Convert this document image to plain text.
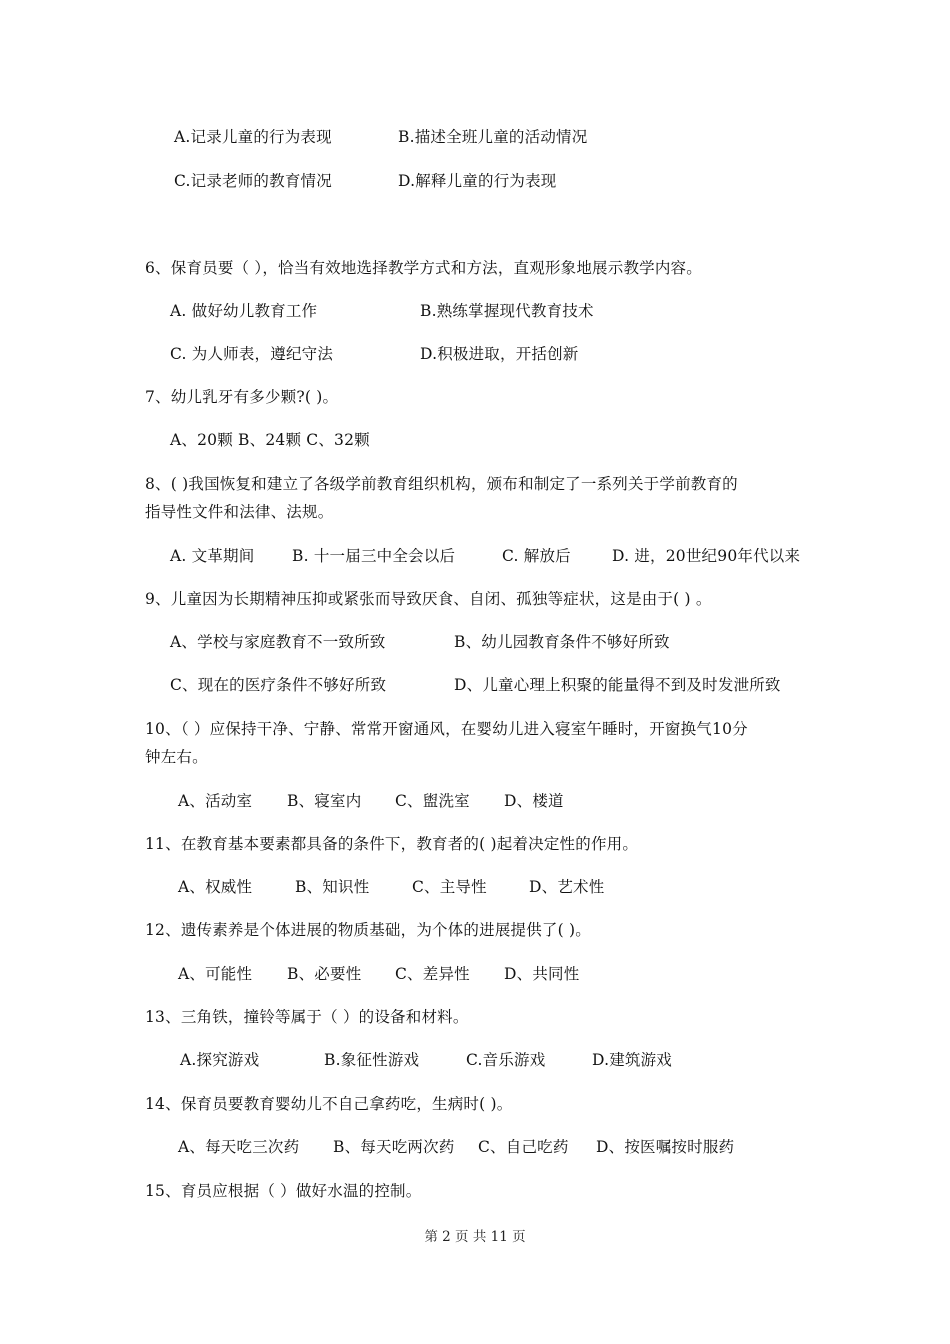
A.记录儿童的行为表现	B.描述全班儿童的活动情况
C.记录老师的教育情况	D.解释儿童的行为表现
6、保育员要（ ），恰当有效地选择教学方式和方法，直观形象地展示教学内容。
A. 做好幼儿教育工作	B.熟练掌握现代教育技术
C. 为人师表，遵纪守法	D.积极进取，开括创新
7、幼儿乳牙有多少颗?( )。
A、20颗 B、24颗 C、32颗
8、( )我国恢复和建立了各级学前教育组织机构，颁布和制定了一系列关于学前教育的
指导性文件和法律、法规。
A. 文革期间 B. 十一届三中全会以后	C. 解放后	D. 进，20世纪90年代以来
9、儿童因为长期精神压抑或紧张而导致厌食、自闭、孤独等症状，这是由于( ) 。
A、学校与家庭教育不一致所致	B、幼儿园教育条件不够好所致
C、现在的医疗条件不够好所致	D、儿童心理上积聚的能量得不到及时发泄所致
10、（ ）应保持干净、宁静、常常开窗通风，在婴幼儿进入寝室午睡时，开窗换气10分
钟左右。
A、活动室 B、寝室内 C、盥洗室 D、楼道
11、在教育基本要素都具备的条件下，教育者的( )起着决定性的作用。
A、权威性	B、知识性	C、主导性	D、艺术性
12、遗传素养是个体进展的物质基础，为个体的进展提供了( )。
A、可能性 B、必要性 C、差异性 D、共同性
13、三角铁，撞铃等属于（ ）的设备和材料。
A.探究游戏	B.象征性游戏	C.音乐游戏	D.建筑游戏
14、保育员要教育婴幼儿不自己拿药吃，生病时( )。
A、每天吃三次药 B、每天吃两次药 C、自己吃药 D、按医嘱按时服药
15、育员应根据（ ）做好水温的控制。
第 2 页 共 11 页
